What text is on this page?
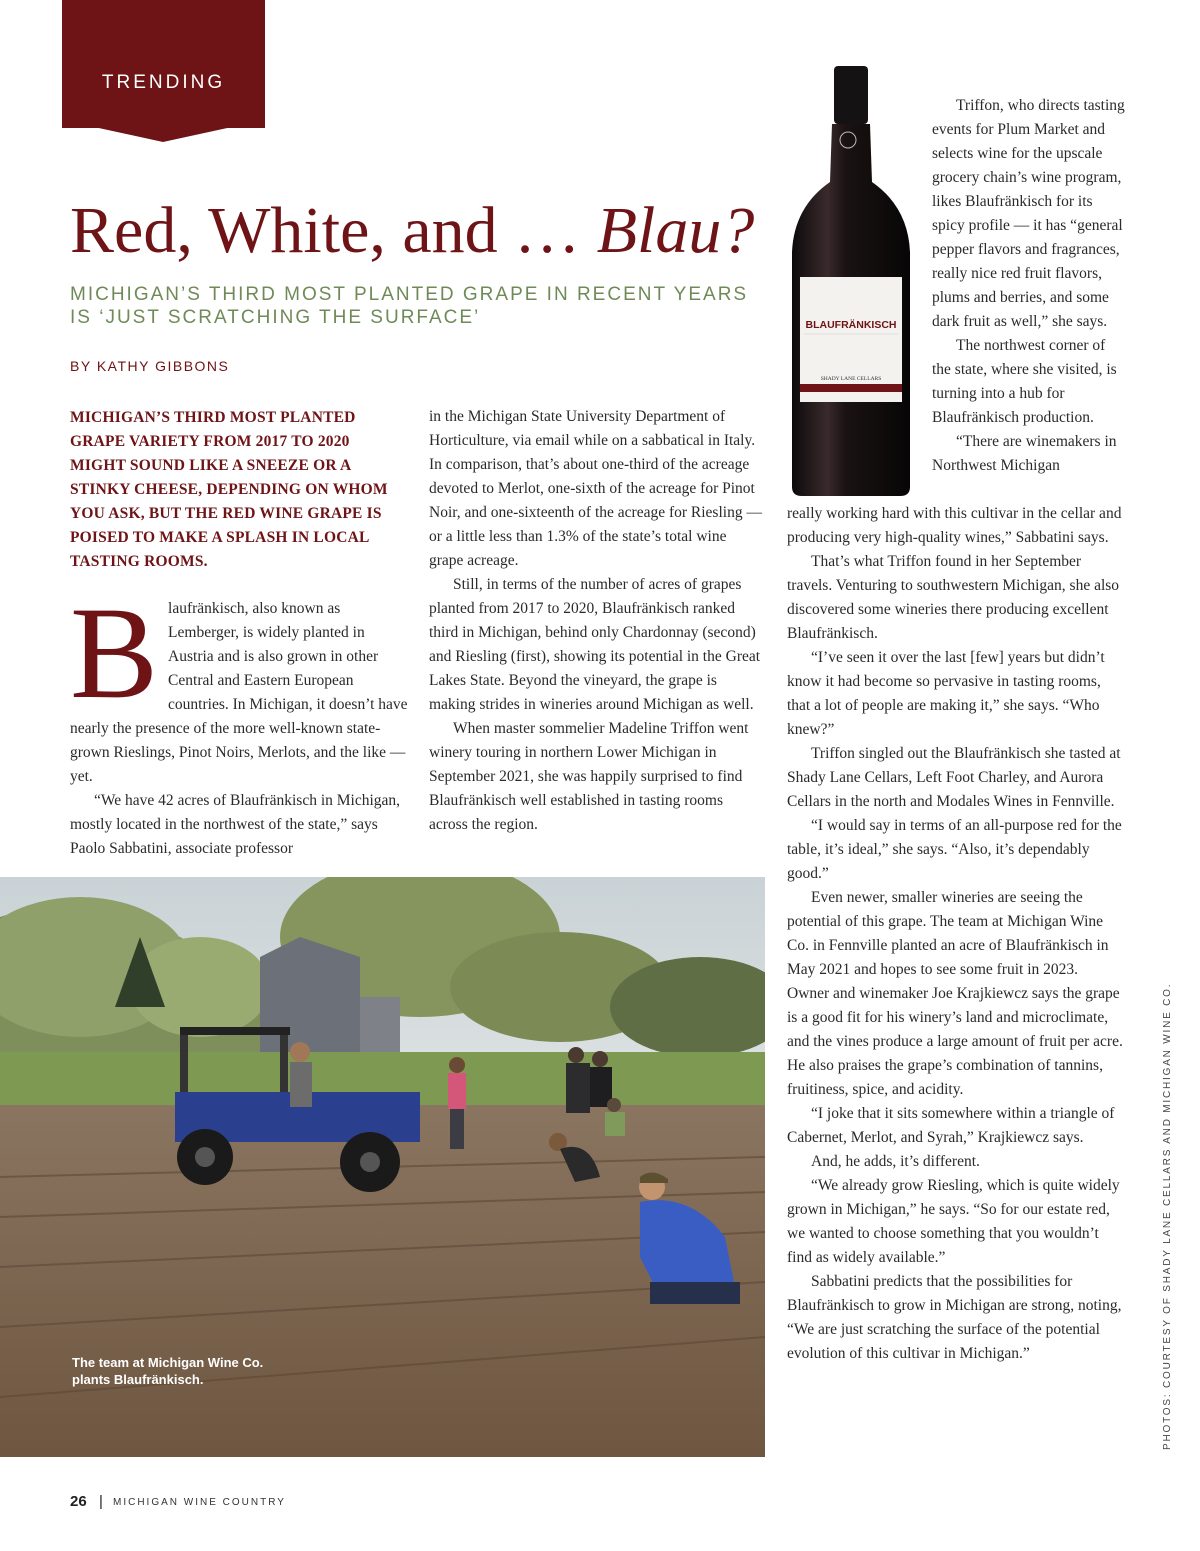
TRENDING
Red, White, and … Blau?
MICHIGAN’S THIRD MOST PLANTED GRAPE IN RECENT YEARS IS ‘JUST SCRATCHING THE SURFACE’
BY KATHY GIBBONS
MICHIGAN’S THIRD MOST PLANTED GRAPE VARIETY FROM 2017 TO 2020 MIGHT SOUND LIKE A SNEEZE OR A STINKY CHEESE, DEPENDING ON WHOM YOU ASK, BUT THE RED WINE GRAPE IS POISED TO MAKE A SPLASH IN LOCAL TASTING ROOMS.

Blaufränkisch, also known as Lemberger, is widely planted in Austria and is also grown in other Central and Eastern European countries. In Michigan, it doesn’t have nearly the presence of the more well-known state-grown Rieslings, Pinot Noirs, Merlots, and the like — yet.

“We have 42 acres of Blaufränkisch in Michigan, mostly located in the northwest of the state,” says Paolo Sabbatini, associate professor

in the Michigan State University Department of Horticulture, via email while on a sabbatical in Italy. In comparison, that’s about one-third of the acreage devoted to Merlot, one-sixth of the acreage for Pinot Noir, and one-sixteenth of the acreage for Riesling — or a little less than 1.3% of the state’s total wine grape acreage.

Still, in terms of the number of acres of grapes planted from 2017 to 2020, Blaufränkisch ranked third in Michigan, behind only Chardonnay (second) and Riesling (first), showing its potential in the Great Lakes State. Beyond the vineyard, the grape is making strides in wineries around Michigan as well.

When master sommelier Madeline Triffon went winery touring in northern Lower Michigan in September 2021, she was happily surprised to find Blaufränkisch well established in tasting rooms across the region.

BLAUFRÄNKISCH
SHADY LANE CELLARS

Triffon, who directs tasting events for Plum Market and selects wine for the upscale grocery chain’s wine program, likes Blaufränkisch for its spicy profile — it has “general pepper flavors and fragrances, really nice red fruit flavors, plums and berries, and some dark fruit as well,” she says.

The northwest corner of the state, where she visited, is turning into a hub for Blaufränkisch production.

“There are winemakers in Northwest Michigan

really working hard with this cultivar in the cellar and producing very high-quality wines,” Sabbatini says.

That’s what Triffon found in her September travels. Venturing to southwestern Michigan, she also discovered some wineries there producing excellent Blaufränkisch.

“I’ve seen it over the last [few] years but didn’t know it had become so pervasive in tasting rooms, that a lot of people are making it,” she says. “Who knew?”

Triffon singled out the Blaufränkisch she tasted at Shady Lane Cellars, Left Foot Charley, and Aurora Cellars in the north and Modales Wines in Fennville.

“I would say in terms of an all-purpose red for the table, it’s ideal,” she says. “Also, it’s dependably good.”

Even newer, smaller wineries are seeing the potential of this grape. The team at Michigan Wine Co. in Fennville planted an acre of Blaufränkisch in May 2021 and hopes to see some fruit in 2023. Owner and winemaker Joe Krajkiewcz says the grape is a good fit for his winery’s land and microclimate, and the vines produce a large amount of fruit per acre. He also praises the grape’s combination of tannins, fruitiness, spice, and acidity.

“I joke that it sits somewhere within a triangle of Cabernet, Merlot, and Syrah,” Krajkiewcz says.

And, he adds, it’s different.

“We already grow Riesling, which is quite widely grown in Michigan,” he says. “So for our estate red, we wanted to choose something that you wouldn’t find as widely available.”

Sabbatini predicts that the possibilities for Blaufränkisch to grow in Michigan are strong, noting, “We are just scratching the surface of the potential evolution of this cultivar in Michigan.”

The team at Michigan Wine Co. plants Blaufränkisch.	PHOTOS: COURTESY OF SHADY LANE CELLARS AND MICHIGAN WINE CO.
26 | MICHIGAN WINE COUNTRY
